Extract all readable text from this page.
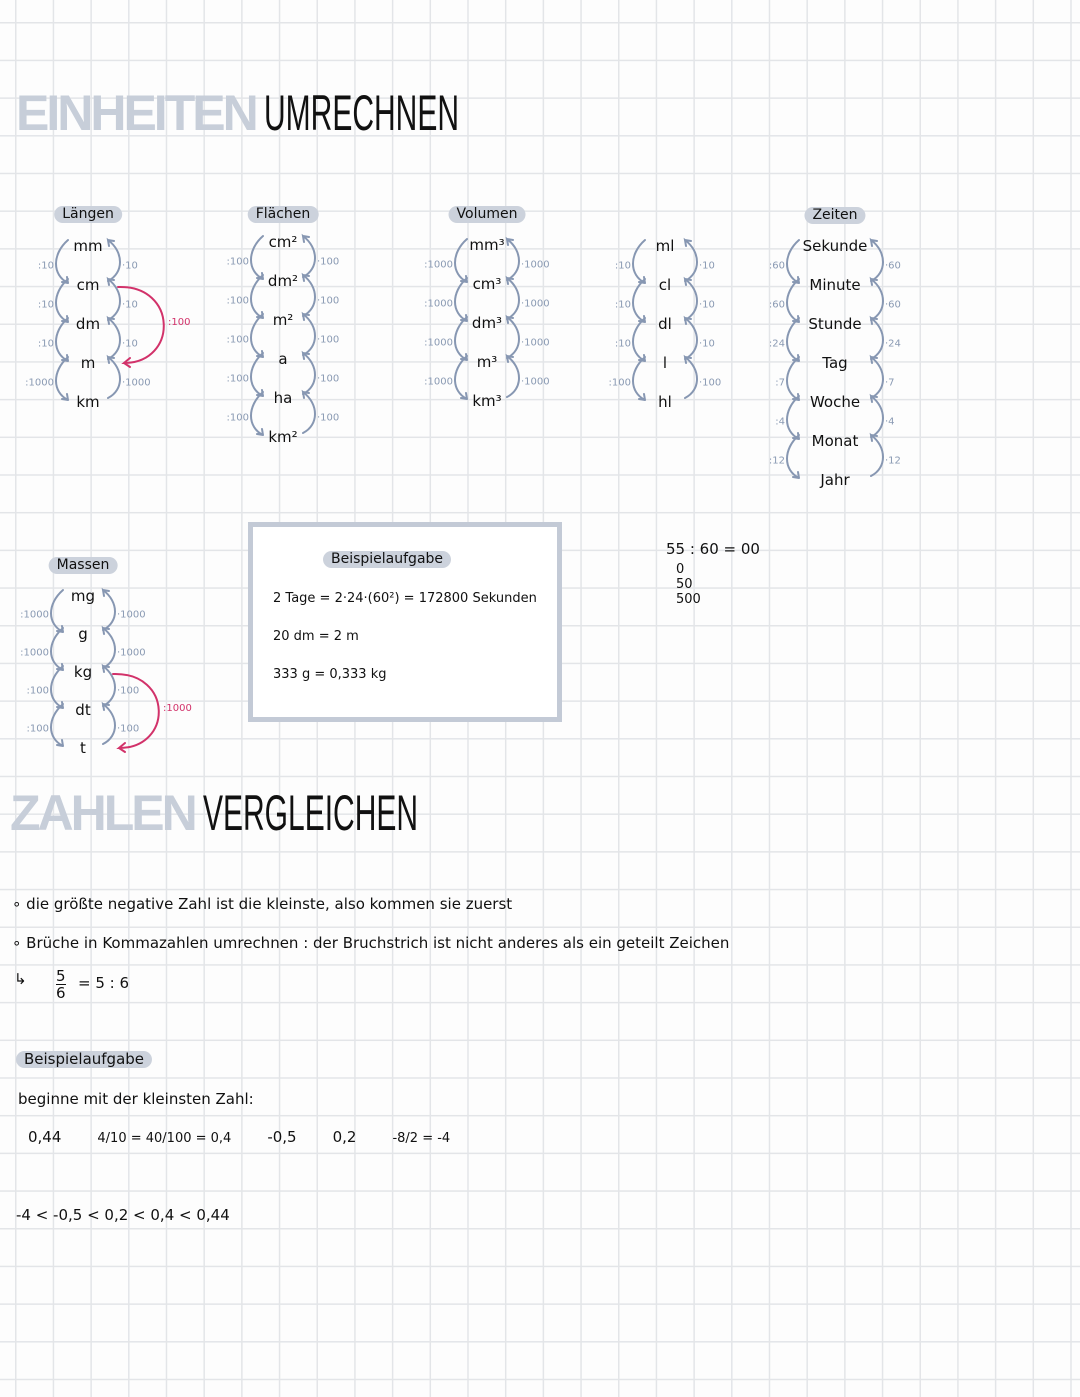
EINHEITEN UMRECHNEN
Längen
mm
cm
dm
m
km
:10	·10
:10	·10
:10	·10
:1000	·1000
:100
Flächen
cm²
dm²
m²
a
ha
km²
:100	·100
:100	·100
:100	·100
:100	·100
:100	·100
Volumen
mm³
cm³
dm³
m³
km³
:1000	·1000
:1000	·1000
:1000	·1000
:1000	·1000
ml
cl
dl
l
hl
:10	·10
:10	·10
:10	·10
:100	·100
Zeiten
Sekunde
Minute
Stunde
Tag
Woche
Monat
Jahr
:60	·60
:60	·60
:24	·24
:7	·7
:4	·4
:12	·12
Massen
mg
g
kg
dt
t
:1000	·1000
:1000	·1000
:100	·100
:100	·100
:1000
Beispielaufgabe
2 Tage = 2·24·(60²) = 172800 Sekunden
20 dm = 2 m
333 g = 0,333 kg
55 : 60 = 00
0
50
500
ZAHLEN VERGLEICHEN
∘ die größte negative Zahl ist die kleinste, also kommen sie zuerst
∘ Brüche in Kommazahlen umrechnen : der Bruchstrich ist nicht anderes als ein geteilt Zeichen
↳ $\frac{5}{6} = 5$ : 6
Beispielaufgabe
beginne mit der kleinsten Zahl:
0,44	4/10 = 40/100 = 0,4 -0,5 0,2	-8/2 = -4
-4 < -0,5 < 0,2 < 0,4 < 0,44
